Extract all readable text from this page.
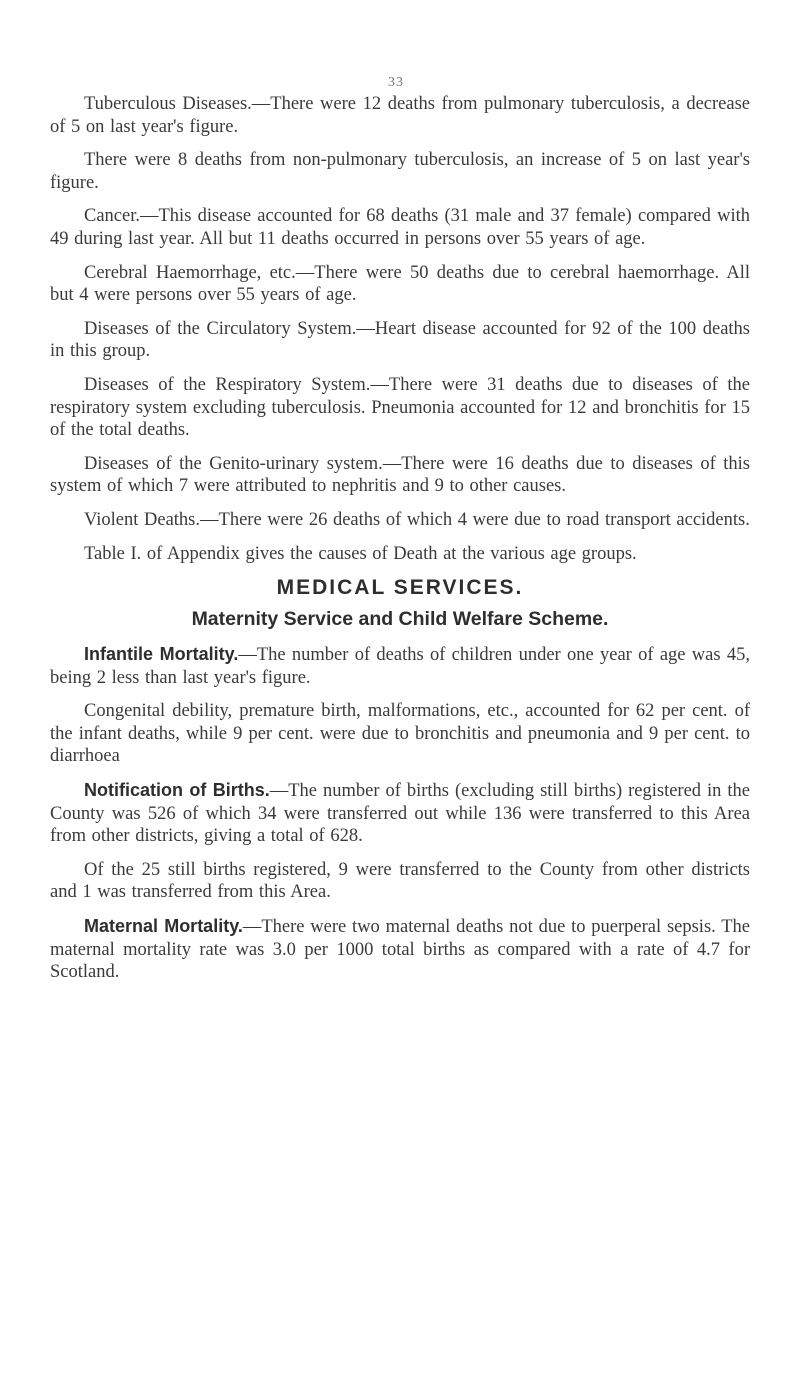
33

Tuberculous Diseases.—There were 12 deaths from pulmonary tuberculosis, a decrease of 5 on last year's figure.

There were 8 deaths from non-pulmonary tuberculosis, an increase of 5 on last year's figure.

Cancer.—This disease accounted for 68 deaths (31 male and 37 female) compared with 49 during last year. All but 11 deaths occurred in persons over 55 years of age.

Cerebral Haemorrhage, etc.—There were 50 deaths due to cerebral haemorrhage. All but 4 were persons over 55 years of age.

Diseases of the Circulatory System.—Heart disease accounted for 92 of the 100 deaths in this group.

Diseases of the Respiratory System.—There were 31 deaths due to diseases of the respiratory system excluding tuberculosis. Pneumonia accounted for 12 and bronchitis for 15 of the total deaths.

Diseases of the Genito-urinary system.—There were 16 deaths due to diseases of this system of which 7 were attributed to nephritis and 9 to other causes.

Violent Deaths.—There were 26 deaths of which 4 were due to road transport accidents.

Table I. of Appendix gives the causes of Death at the various age groups.

MEDICAL SERVICES.
Maternity Service and Child Welfare Scheme.

Infantile Mortality.—The number of deaths of children under one year of age was 45, being 2 less than last year's figure.

Congenital debility, premature birth, malformations, etc., accounted for 62 per cent. of the infant deaths, while 9 per cent. were due to bronchitis and pneumonia and 9 per cent. to diarrhoea

Notification of Births.—The number of births (excluding still births) registered in the County was 526 of which 34 were transferred out while 136 were transferred to this Area from other districts, giving a total of 628.

Of the 25 still births registered, 9 were transferred to the County from other districts and 1 was transferred from this Area.

Maternal Mortality.—There were two maternal deaths not due to puerperal sepsis. The maternal mortality rate was 3.0 per 1000 total births as compared with a rate of 4.7 for Scotland.
